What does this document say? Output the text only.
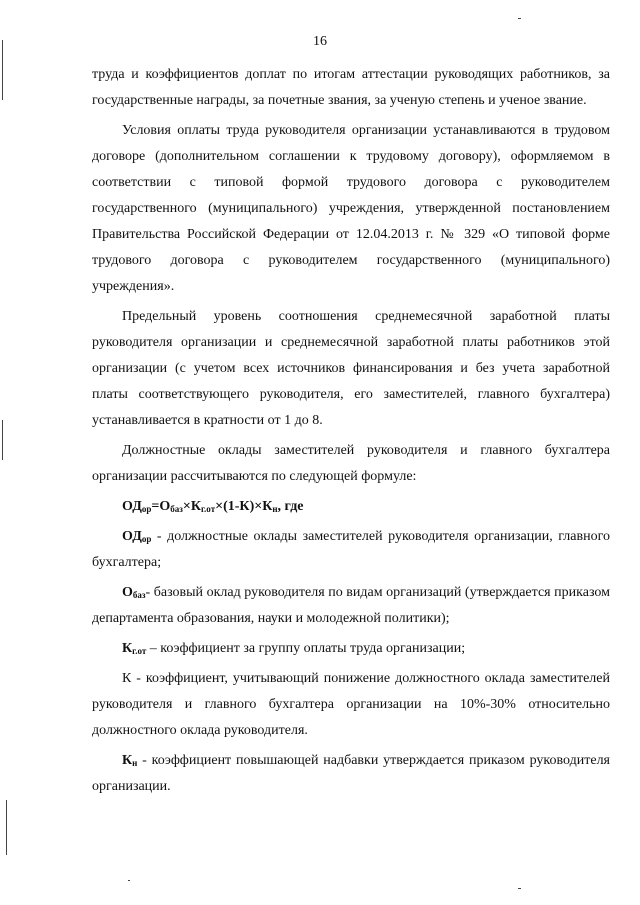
16

труда и коэффициентов доплат по итогам аттестации руководящих работников, за государственные награды, за почетные звания, за ученую степень и ученое звание.

Условия оплаты труда руководителя организации устанавливаются в трудовом договоре (дополнительном соглашении к трудовому договору), оформляемом в соответствии с типовой формой трудового договора с руководителем государственного (муниципального) учреждения, утвержденной постановлением Правительства Российской Федерации от 12.04.2013 г. № 329 «О типовой форме трудового договора с руководителем государственного (муниципального) учреждения».

Предельный уровень соотношения среднемесячной заработной платы руководителя организации и среднемесячной заработной платы работников этой организации (с учетом всех источников финансирования и без учета заработной платы соответствующего руководителя, его заместителей, главного бухгалтера) устанавливается в кратности от 1 до 8.

Должностные оклады заместителей руководителя и главного бухгалтера организации рассчитываются по следующей формуле:

$ОД_{ор}=О_{баз}\times К_{г.от}\times(1-К)\times К_н$, где

$ОД_{ор}$ - должностные оклады заместителей руководителя организации, главного бухгалтера;

$О_{баз}-$ базовый оклад руководителя по видам организаций (утверждается приказом департамента образования, науки и молодежной политики);

$К_{г.от}$ – коэффициент за группу оплаты труда организации;

К - коэффициент, учитывающий понижение должностного оклада заместителей руководителя и главного бухгалтера организации на 10%-30% относительно должностного оклада руководителя.

$К_н$ - коэффициент повышающей надбавки утверждается приказом руководителя организации.
